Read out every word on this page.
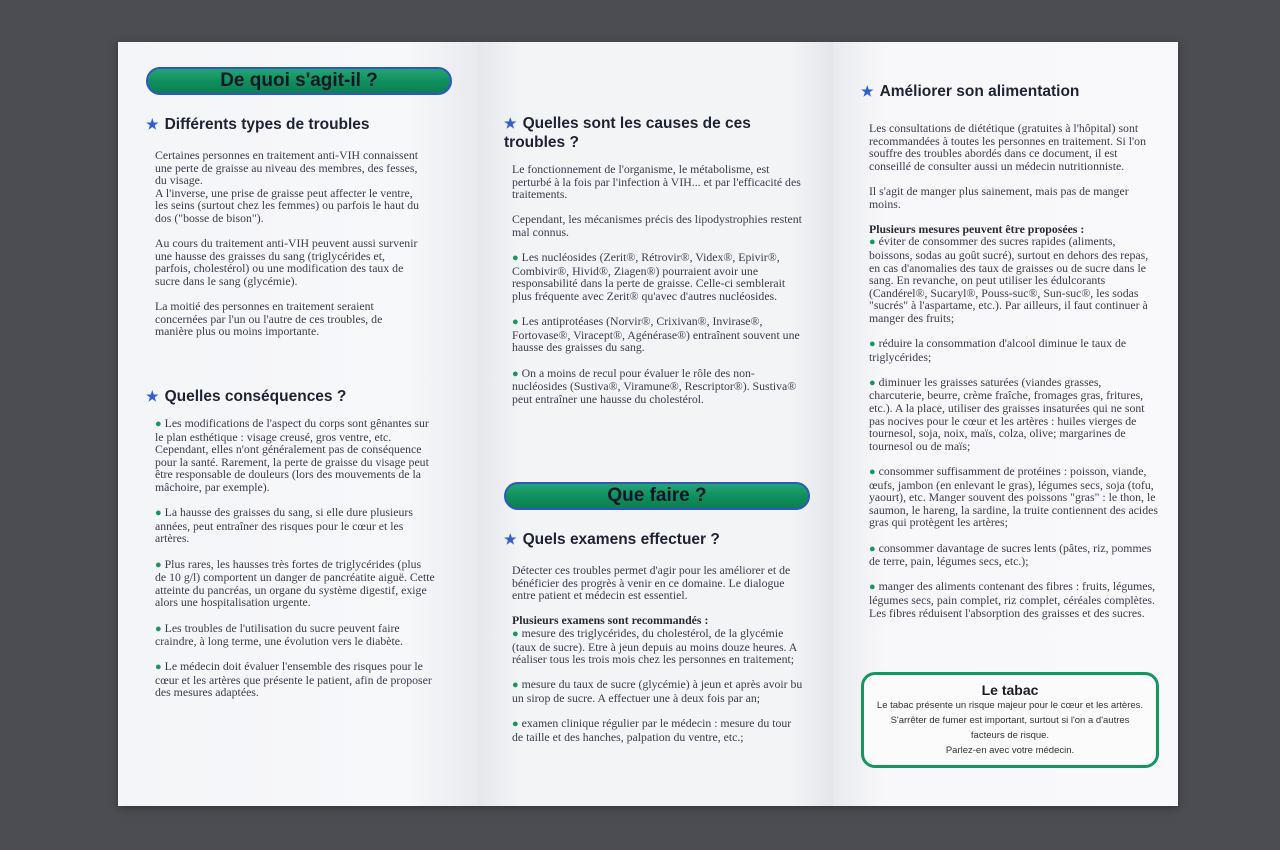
De quoi s'agit-il ?
★ Différents types de troubles

Certaines personnes en traitement anti-VIH connaissent une perte de graisse au niveau des membres, des fesses, du visage.

A l'inverse, une prise de graisse peut affecter le ventre, les seins (surtout chez les femmes) ou parfois le haut du dos ("bosse de bison").

Au cours du traitement anti-VIH peuvent aussi survenir une hausse des graisses du sang (triglycérides et, parfois, cholestérol) ou une modification des taux de sucre dans le sang (glycémie).

La moitié des personnes en traitement seraient concernées par l'un ou l'autre de ces troubles, de manière plus ou moins importante.

★ Quelles conséquences ?

● Les modifications de l'aspect du corps sont gênantes sur le plan esthétique : visage creusé, gros ventre, etc. Cependant, elles n'ont généralement pas de conséquence pour la santé. Rarement, la perte de graisse du visage peut être responsable de douleurs (lors des mouvements de la mâchoire, par exemple).

● La hausse des graisses du sang, si elle dure plusieurs années, peut entraîner des risques pour le cœur et les artères.

● Plus rares, les hausses très fortes de triglycérides (plus de 10 g/l) comportent un danger de pancréatite aiguë. Cette atteinte du pancréas, un organe du système digestif, exige alors une hospitalisation urgente.

● Les troubles de l'utilisation du sucre peuvent faire craindre, à long terme, une évolution vers le diabète.

● Le médecin doit évaluer l'ensemble des risques pour le cœur et les artères que présente le patient, afin de proposer des mesures adaptées.

★ Quelles sont les causes de ces troubles ?

Le fonctionnement de l'organisme, le métabolisme, est perturbé à la fois par l'infection à VIH... et par l'efficacité des traitements.

Cependant, les mécanismes précis des lipodystrophies restent mal connus.

● Les nucléosides (Zerit®, Rétrovir®, Videx®, Epivir®, Combivir®, Hivid®, Ziagen®) pourraient avoir une responsabilité dans la perte de graisse. Celle-ci semblerait plus fréquente avec Zerit® qu'avec d'autres nucléosides.

● Les antiprotéases (Norvir®, Crixivan®, Invirase®, Fortovase®, Viracept®, Agénérase®) entraînent souvent une hausse des graisses du sang.

● On a moins de recul pour évaluer le rôle des non-nucléosides (Sustiva®, Viramune®, Rescriptor®). Sustiva® peut entraîner une hausse du cholestérol.

Que faire ?
★ Quels examens effectuer ?

Détecter ces troubles permet d'agir pour les améliorer et de bénéficier des progrès à venir en ce domaine. Le dialogue entre patient et médecin est essentiel.

Plusieurs examens sont recommandés :

● mesure des triglycérides, du cholestérol, de la glycémie (taux de sucre). Etre à jeun depuis au moins douze heures. A réaliser tous les trois mois chez les personnes en traitement;

● mesure du taux de sucre (glycémie) à jeun et après avoir bu un sirop de sucre. A effectuer une à deux fois par an;

● examen clinique régulier par le médecin : mesure du tour de taille et des hanches, palpation du ventre, etc.;

★ Améliorer son alimentation

Les consultations de diététique (gratuites à l'hôpital) sont recommandées à toutes les personnes en traitement. Si l'on souffre des troubles abordés dans ce document, il est conseillé de consulter aussi un médecin nutritionniste.

Il s'agit de manger plus sainement, mais pas de manger moins.

Plusieurs mesures peuvent être proposées :

● éviter de consommer des sucres rapides (aliments, boissons, sodas au goût sucré), surtout en dehors des repas, en cas d'anomalies des taux de graisses ou de sucre dans le sang. En revanche, on peut utiliser les édulcorants (Candérel®, Sucaryl®, Pouss-suc®, Sun-suc®, les sodas "sucrés" à l'aspartame, etc.). Par ailleurs, il faut continuer à manger des fruits;

● réduire la consommation d'alcool diminue le taux de triglycérides;

● diminuer les graisses saturées (viandes grasses, charcuterie, beurre, crème fraîche, fromages gras, fritures, etc.). A la place, utiliser des graisses insaturées qui ne sont pas nocives pour le cœur et les artères : huiles vierges de tournesol, soja, noix, maïs, colza, olive; margarines de tournesol ou de maïs;

● consommer suffisamment de protéines : poisson, viande, œufs, jambon (en enlevant le gras), légumes secs, soja (tofu, yaourt), etc. Manger souvent des poissons "gras" : le thon, le saumon, le hareng, la sardine, la truite contiennent des acides gras qui protègent les artères;

● consommer davantage de sucres lents (pâtes, riz, pommes de terre, pain, légumes secs, etc.);

● manger des aliments contenant des fibres : fruits, légumes, légumes secs, pain complet, riz complet, céréales complètes. Les fibres réduisent l'absorption des graisses et des sucres.

Le tabac
Le tabac présente un risque majeur pour le cœur et les artères.
S'arrêter de fumer est important, surtout si l'on a d'autres
facteurs de risque.
Parlez-en avec votre médecin.
